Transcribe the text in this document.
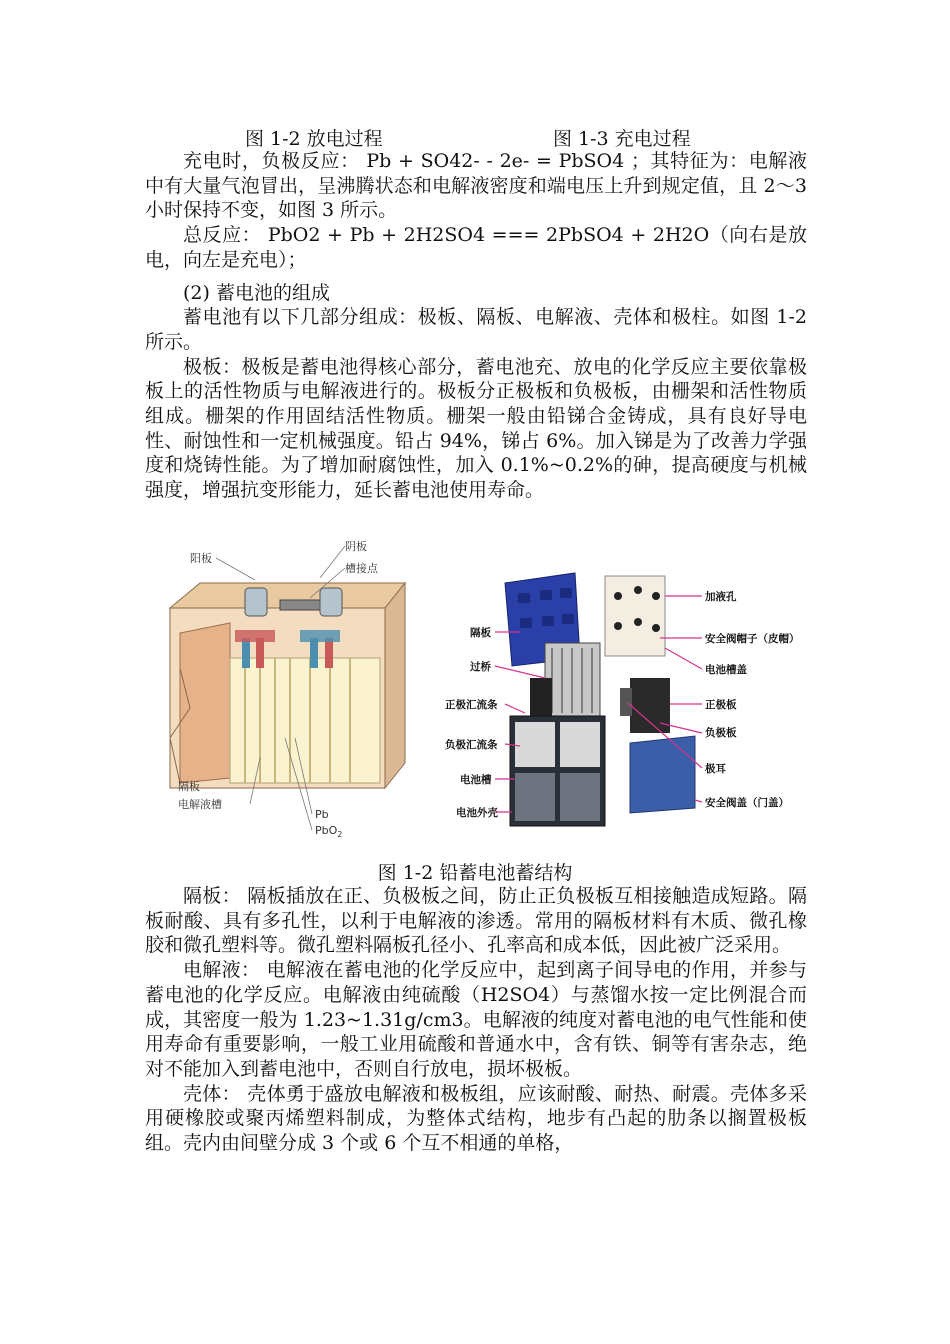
图 1-2 放电过程	图 1-3 充电过程

充电时，负极反应： Pb + SO42- - 2e- = PbSO4 ；其特征为：电解液中有大量气泡冒出，呈沸腾状态和电解液密度和端电压上升到规定值，且 2～3 小时保持不变，如图 3 所示。

总反应： PbO2 + Pb + 2H2SO4 === 2PbSO4 + 2H2O（向右是放电，向左是充电）；

(2) 蓄电池的组成

蓄电池有以下几部分组成：极板、隔板、电解液、壳体和极柱。如图 1-2 所示。

极板：极板是蓄电池得核心部分，蓄电池充、放电的化学反应主要依靠极板上的活性物质与电解液进行的。极板分正极板和负极板，由栅架和活性物质组成。栅架的作用固结活性物质。栅架一般由铅锑合金铸成，具有良好导电性、耐蚀性和一定机械强度。铅占 94%，锑占 6%。加入锑是为了改善力学强度和烧铸性能。为了增加耐腐蚀性，加入 0.1%~0.2%的砷，提高硬度与机械强度，增强抗变形能力，延长蓄电池使用寿命。

阳板
阴板
槽接点
隔板
电解液槽
Pb
PbO$_2$
隔板
过桥
正极汇流条
负极汇流条
电池槽
电池外壳
加液孔
安全阀帽子（皮帽）
电池槽盖
正极板
负极板
极耳
安全阀盖（门盖）
图 1-2 铅蓄电池蓄结构

隔板： 隔板插放在正、负极板之间，防止正负极板互相接触造成短路。隔板耐酸、具有多孔性，以利于电解液的渗透。常用的隔板材料有木质、微孔橡胶和微孔塑料等。微孔塑料隔板孔径小、孔率高和成本低，因此被广泛采用。

电解液： 电解液在蓄电池的化学反应中，起到离子间导电的作用，并参与蓄电池的化学反应。电解液由纯硫酸（H2SO4）与蒸馏水按一定比例混合而成，其密度一般为 1.23~1.31g/cm3。电解液的纯度对蓄电池的电气性能和使用寿命有重要影响，一般工业用硫酸和普通水中，含有铁、铜等有害杂志，绝对不能加入到蓄电池中，否则自行放电，损坏极板。

壳体： 壳体勇于盛放电解液和极板组，应该耐酸、耐热、耐震。壳体多采用硬橡胶或聚丙烯塑料制成，为整体式结构，地步有凸起的肋条以搁置极板组。壳内由间壁分成 3 个或 6 个互不相通的单格，
